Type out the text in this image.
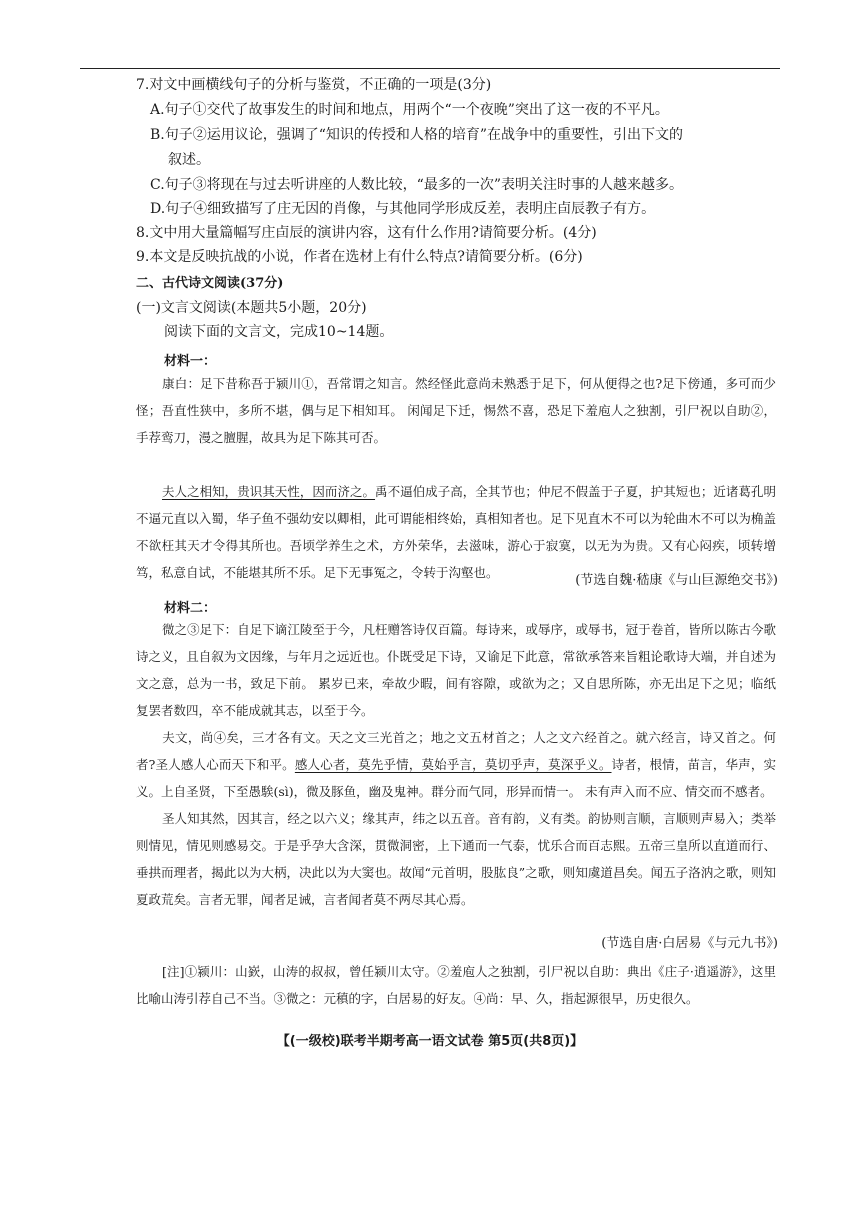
7.对文中画横线句子的分析与鉴赏，不正确的一项是(3分)
A.句子①交代了故事发生的时间和地点，用两个“一个夜晚”突出了这一夜的不平凡。
B.句子②运用议论，强调了“知识的传授和人格的培育”在战争中的重要性，引出下文的
叙述。
C.句子③将现在与过去听讲座的人数比较，“最多的一次”表明关注时事的人越来越多。
D.句子④细致描写了庄无因的肖像，与其他同学形成反差，表明庄卣辰教子有方。
8.文中用大量篇幅写庄卣辰的演讲内容，这有什么作用?请简要分析。(4分)
9.本文是反映抗战的小说，作者在选材上有什么特点?请简要分析。(6分)
二、古代诗文阅读(37分)
(一)文言文阅读(本题共5小题，20分)
阅读下面的文言文，完成10~14题。
材料一：
康白：足下昔称吾于颍川①，吾常谓之知言。然经怪此意尚未熟悉于足下，何从便得之也?足下傍通，多可而少怪；吾直性狭中，多所不堪，偶与足下相知耳。 闲闻足下迁，惕然不喜，恐足下羞庖人之独割，引尸祝以自助②，手荐鸾刀，漫之膻腥，故具为足下陈其可否。
夫人之相知，贵识其天性，因而济之。禹不逼伯成子高，全其节也；仲尼不假盖于子夏，护其短也；近诸葛孔明不逼元直以入蜀，华子鱼不强幼安以卿相，此可谓能相终始，真相知者也。足下见直木不可以为轮曲木不可以为桷盖不欲枉其天才令得其所也。吾顷学养生之术，方外荣华，去滋味，游心于寂寞，以无为为贵。又有心闷疾，顷转增笃，私意自试，不能堪其所不乐。足下无事冤之，令转于沟壑也。
(节选自魏·嵇康《与山巨源绝交书》)
材料二：
微之③足下：自足下谪江陵至于今，凡枉赠答诗仅百篇。每诗来，或辱序，或辱书，冠于卷首，皆所以陈古今歌诗之义，且自叙为文因缘，与年月之远近也。仆既受足下诗，又谕足下此意，常欲承答来旨粗论歌诗大端，并自述为文之意，总为一书，致足下前。 累岁已来，牵故少暇，间有容隙，或欲为之；又自思所陈，亦无出足下之见；临纸复罢者数四，卒不能成就其志，以至于今。
夫文，尚④矣，三才各有文。天之文三光首之；地之文五材首之；人之文六经首之。就六经言，诗又首之。何者?圣人感人心而天下和平。感人心者，莫先乎情，莫始乎言，莫切乎声，莫深乎义。诗者，根情，苗言，华声，实义。上自圣贤，下至愚騃(sì)，微及豚鱼，幽及鬼神。群分而气同，形异而情一。 未有声入而不应、情交而不感者。
圣人知其然，因其言，经之以六义；缘其声，纬之以五音。音有韵，义有类。韵协则言顺，言顺则声易入；类举则情见，情见则感易交。于是乎孕大含深，贯微洞密，上下通而一气泰，忧乐合而百志熙。五帝三皇所以直道而行、垂拱而理者，揭此以为大柄，决此以为大窦也。故闻“元首明，股肱良”之歌，则知虞道昌矣。闻五子洛汭之歌，则知夏政荒矣。言者无罪，闻者足诫，言者闻者莫不两尽其心焉。
(节选自唐·白居易《与元九书》)
[注]①颍川：山嶔，山涛的叔叔，曾任颍川太守。②羞庖人之独割，引尸祝以自助：典出《庄子·逍遥游》，这里比喻山涛引荐自己不当。③微之：元稹的字，白居易的好友。④尚：早、久，指起源很早，历史很久。
【(一级校)联考半期考高一语文试卷 第5页(共8页)】
